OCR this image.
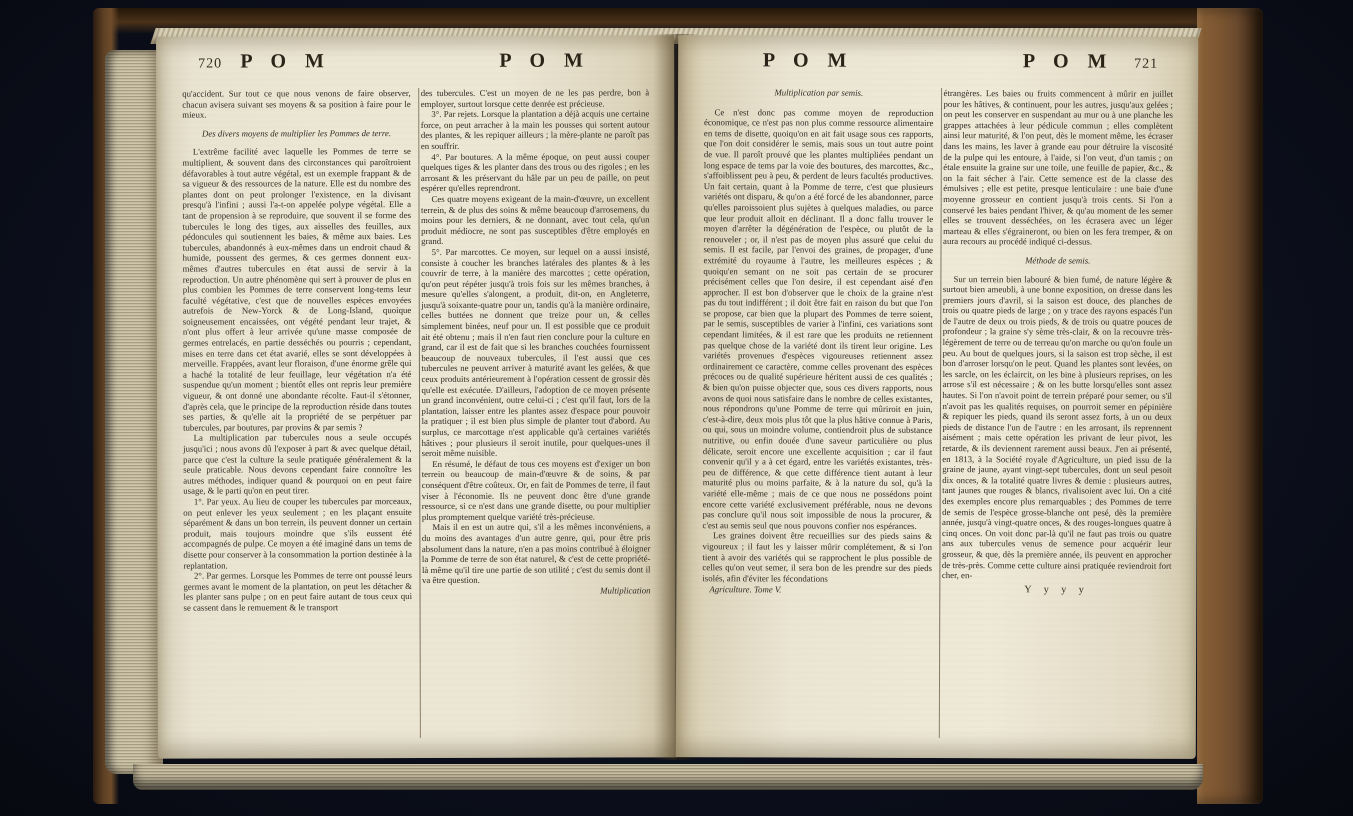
720 P O M	P O M

qu'accident. Sur tout ce que nous venons de faire observer, chacun avisera suivant ses moyens & sa position à faire pour le mieux.

Des divers moyens de multiplier les Pommes de terre.

L'extrême facilité avec laquelle les Pommes de terre se multiplient, & souvent dans des circonstances qui paroîtroient défavorables à tout autre végétal, est un exemple frappant & de sa vigueur & des ressources de la nature. Elle est du nombre des plantes dont on peut prolonger l'existence, en la divisant presqu'à l'infini ; aussi l'a-t-on appelée polype végétal. Elle a tant de propension à se reproduire, que souvent il se forme des tubercules le long des tiges, aux aisselles des feuilles, aux pédoncules qui soutiennent les baies, & même aux baies. Les tubercules, abandonnés à eux-mêmes dans un endroit chaud & humide, poussent des germes, & ces germes donnent eux-mêmes d'autres tubercules en état aussi de servir à la reproduction. Un autre phénomène qui sert à prouver de plus en plus combien les Pommes de terre conservent long-tems leur faculté végétative, c'est que de nouvelles espèces envoyées autrefois de New-Yorck & de Long-Island, quoique soigneusement encaissées, ont végété pendant leur trajet, & n'ont plus offert à leur arrivée qu'une masse composée de germes entrelacés, en partie desséchés ou pourris ; cependant, mises en terre dans cet état avarié, elles se sont développées à merveille. Frappées, avant leur floraison, d'une énorme grêle qui a haché la totalité de leur feuillage, leur végétation n'a été suspendue qu'un moment ; bientôt elles ont repris leur première vigueur, & ont donné une abondante récolte. Faut-il s'étonner, d'après cela, que le principe de la reproduction réside dans toutes ses parties, & qu'elle ait la propriété de se perpétuer par tubercules, par boutures, par provins & par semis ?

La multiplication par tubercules nous a seule occupés jusqu'ici ; nous avons dû l'exposer à part & avec quelque détail, parce que c'est la culture la seule pratiquée généralement & la seule praticable. Nous devons cependant faire connoître les autres méthodes, indiquer quand & pourquoi on en peut faire usage, & le parti qu'on en peut tirer.

1°. Par yeux. Au lieu de couper les tubercules par morceaux, on peut enlever les yeux seulement ; en les plaçant ensuite séparément & dans un bon terrein, ils peuvent donner un certain produit, mais toujours moindre que s'ils eussent été accompagnés de pulpe. Ce moyen a été imaginé dans un tems de disette pour conserver à la consommation la portion destinée à la replantation.

2°. Par germes. Lorsque les Pommes de terre ont poussé leurs germes avant le moment de la plantation, on peut les détacher & les planter sans pulpe ; on en peut faire autant de tous ceux qui se cassent dans le remuement & le transport

des tubercules. C'est un moyen de ne les pas perdre, bon à employer, surtout lorsque cette denrée est précieuse.

3°. Par rejets. Lorsque la plantation a déjà acquis une certaine force, on peut arracher à la main les pousses qui sortent autour des plantes, & les repiquer ailleurs ; la mère-plante ne paroît pas en souffrir.

4°. Par boutures. A la même époque, on peut aussi couper quelques tiges & les planter dans des trous ou des rigoles ; en les arrosant & les préservant du hâle par un peu de paille, on peut espérer qu'elles reprendront.

Ces quatre moyens exigeant de la main-d'œuvre, un excellent terrein, & de plus des soins & même beaucoup d'arrosemens, du moins pour les derniers, & ne donnant, avec tout cela, qu'un produit médiocre, ne sont pas susceptibles d'être employés en grand.

5°. Par marcottes. Ce moyen, sur lequel on a aussi insisté, consiste à coucher les branches latérales des plantes & à les couvrir de terre, à la manière des marcottes ; cette opération, qu'on peut répéter jusqu'à trois fois sur les mêmes branches, à mesure qu'elles s'alongent, a produit, dit-on, en Angleterre, jusqu'à soixante-quatre pour un, tandis qu'à la manière ordinaire, celles buttées ne donnent que treize pour un, & celles simplement binées, neuf pour un. Il est possible que ce produit ait été obtenu ; mais il n'en faut rien conclure pour la culture en grand, car il est de fait que si les branches couchées fournissent beaucoup de nouveaux tubercules, il l'est aussi que ces tubercules ne peuvent arriver à maturité avant les gelées, & que ceux produits antérieurement à l'opération cessent de grossir dès qu'elle est exécutée. D'ailleurs, l'adoption de ce moyen présente un grand inconvénient, outre celui-ci ; c'est qu'il faut, lors de la plantation, laisser entre les plantes assez d'espace pour pouvoir la pratiquer ; il est bien plus simple de planter tout d'abord. Au surplus, ce marcottage n'est applicable qu'à certaines variétés hâtives ; pour plusieurs il seroit inutile, pour quelques-unes il seroit même nuisible.

En résumé, le défaut de tous ces moyens est d'exiger un bon terrein ou beaucoup de main-d'œuvre & de soins, & par conséquent d'être coûteux. Or, en fait de Pommes de terre, il faut viser à l'économie. Ils ne peuvent donc être d'une grande ressource, si ce n'est dans une grande disette, ou pour multiplier plus promptement quelque variété très-précieuse.

Mais il en est un autre qui, s'il a les mêmes inconvéniens, a du moins des avantages d'un autre genre, qui, pour être pris absolument dans la nature, n'en a pas moins contribué à éloigner la Pomme de terre de son état naturel, & c'est de cette propriété-là même qu'il tire une partie de son utilité ; c'est du semis dont il va être question.

Multiplication

P O M	P O M	721

Multiplication par semis.

Ce n'est donc pas comme moyen de reproduction économique, ce n'est pas non plus comme ressource alimentaire en tems de disette, quoiqu'on en ait fait usage sous ces rapports, que l'on doit considérer le semis, mais sous un tout autre point de vue. Il paroît prouvé que les plantes multipliées pendant un long espace de tems par la voie des boutures, des marcottes, &c., s'affoiblissent peu à peu, & perdent de leurs facultés productives. Un fait certain, quant à la Pomme de terre, c'est que plusieurs variétés ont disparu, & qu'on a été forcé de les abandonner, parce qu'elles paroissoient plus sujètes à quelques maladies, ou parce que leur produit alloit en déclinant. Il a donc fallu trouver le moyen d'arrêter la dégénération de l'espèce, ou plutôt de la renouveler ; or, il n'est pas de moyen plus assuré que celui du semis. Il est facile, par l'envoi des graines, de propager, d'une extrémité du royaume à l'autre, les meilleures espèces ; & quoiqu'en semant on ne soit pas certain de se procurer précisément celles que l'on desire, il est cependant aisé d'en approcher. Il est bon d'observer que le choix de la graine n'est pas du tout indifférent ; il doit être fait en raison du but que l'on se propose, car bien que la plupart des Pommes de terre soient, par le semis, susceptibles de varier à l'infini, ces variations sont cependant limitées, & il est rare que les produits ne retiennent pas quelque chose de la variété dont ils tirent leur origine. Les variétés provenues d'espèces vigoureuses retiennent assez ordinairement ce caractère, comme celles provenant des espèces précoces ou de qualité supérieure héritent aussi de ces qualités ; & bien qu'on puisse objecter que, sous ces divers rapports, nous avons de quoi nous satisfaire dans le nombre de celles existantes, nous répondrons qu'une Pomme de terre qui mûriroit en juin, c'est-à-dire, deux mois plus tôt que la plus hâtive connue à Paris, ou qui, sous un moindre volume, contiendroit plus de substance nutritive, ou enfin douée d'une saveur particulière ou plus délicate, seroit encore une excellente acquisition ; car il faut convenir qu'il y a à cet égard, entre les variétés existantes, très-peu de différence, & que cette différence tient autant à leur maturité plus ou moins parfaite, & à la nature du sol, qu'à la variété elle-même ; mais de ce que nous ne possédons point encore cette variété exclusivement préférable, nous ne devons pas conclure qu'il nous soit impossible de nous la procurer, & c'est au semis seul que nous pouvons confier nos espérances.

Les graines doivent être recueillies sur des pieds sains & vigoureux ; il faut les y laisser mûrir complétement, & si l'on tient à avoir des variétés qui se rapprochent le plus possible de celles qu'on veut semer, il sera bon de les prendre sur des pieds isolés, afin d'éviter les fécondations

Agriculture. Tome V.

étrangères. Les baies ou fruits commencent à mûrir en juillet pour les hâtives, & continuent, pour les autres, jusqu'aux gelées ; on peut les conserver en suspendant au mur ou à une planche les grappes attachées à leur pédicule commun ; elles complètent ainsi leur maturité, & l'on peut, dès le moment même, les écraser dans les mains, les laver à grande eau pour détruire la viscosité de la pulpe qui les entoure, à l'aide, si l'on veut, d'un tamis ; on étale ensuite la graine sur une toile, une feuille de papier, &c., & on la fait sécher à l'air. Cette semence est de la classe des émulsives ; elle est petite, presque lenticulaire : une baie d'une moyenne grosseur en contient jusqu'à trois cents. Si l'on a conservé les baies pendant l'hiver, & qu'au moment de les semer elles se trouvent desséchées, on les écrasera avec un léger marteau & elles s'égraineront, ou bien on les fera tremper, & on aura recours au procédé indiqué ci-dessus.

Méthode de semis.

Sur un terrein bien labouré & bien fumé, de nature légère & surtout bien ameubli, à une bonne exposition, on dresse dans les premiers jours d'avril, si la saison est douce, des planches de trois ou quatre pieds de large ; on y trace des rayons espacés l'un de l'autre de deux ou trois pieds, & de trois ou quatre pouces de profondeur ; la graine s'y sème très-clair, & on la recouvre très-légèrement de terre ou de terreau qu'on marche ou qu'on foule un peu. Au bout de quelques jours, si la saison est trop sèche, il est bon d'arroser lorsqu'on le peut. Quand les plantes sont levées, on les sarcle, on les éclaircit, on les bine à plusieurs reprises, on les arrose s'il est nécessaire ; & on les butte lorsqu'elles sont assez hautes. Si l'on n'avoit point de terrein préparé pour semer, ou s'il n'avoit pas les qualités requises, on pourroit semer en pépinière & repiquer les pieds, quand ils seront assez forts, à un ou deux pieds de distance l'un de l'autre : en les arrosant, ils reprennent aisément ; mais cette opération les privant de leur pivot, les retarde, & ils deviennent rarement aussi beaux. J'en ai présenté, en 1813, à la Société royale d'Agriculture, un pied issu de la graine de jaune, ayant vingt-sept tubercules, dont un seul pesoit dix onces, & la totalité quatre livres & demie : plusieurs autres, tant jaunes que rouges & blancs, rivalisoient avec lui. On a cité des exemples encore plus remarquables ; des Pommes de terre de semis de l'espèce grosse-blanche ont pesé, dès la première année, jusqu'à vingt-quatre onces, & des rouges-longues quatre à cinq onces. On voit donc par-là qu'il ne faut pas trois ou quatre ans aux tubercules venus de semence pour acquérir leur grosseur, & que, dès la première année, ils peuvent en approcher de très-près. Comme cette culture ainsi pratiquée reviendroit fort cher, en-

Y y y y
